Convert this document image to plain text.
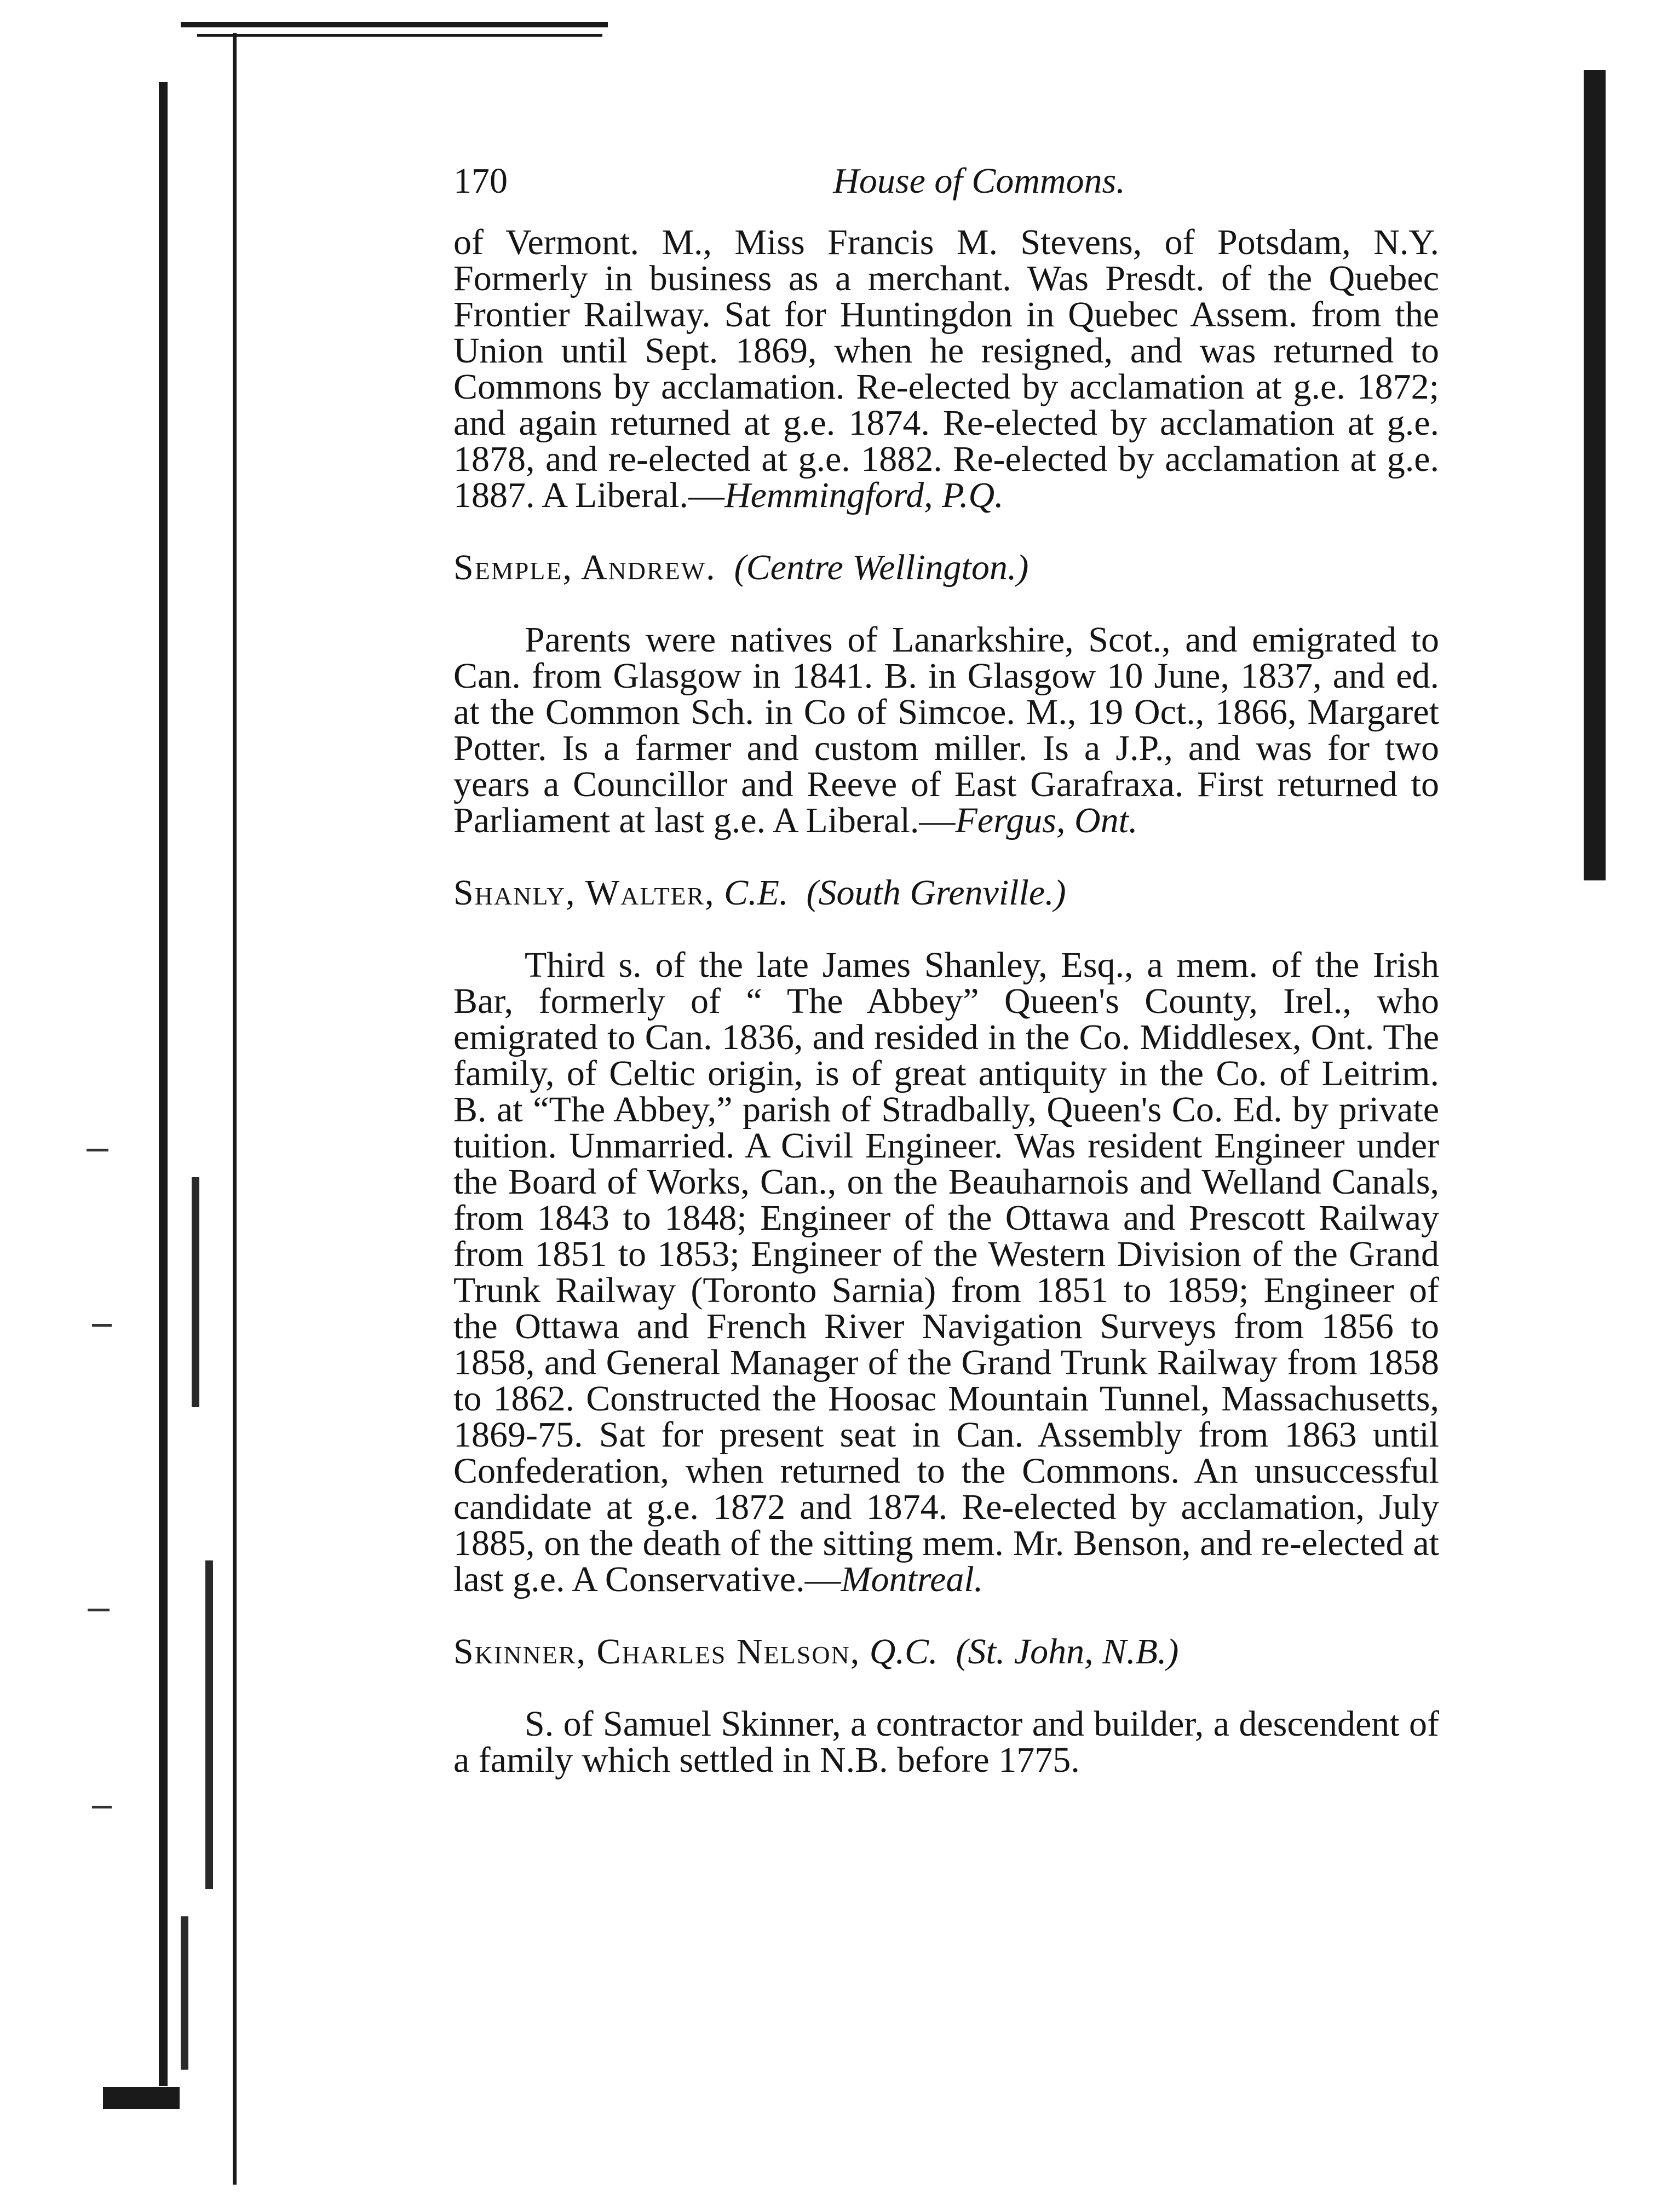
170	House of Commons.

of Vermont. M., Miss Francis M. Stevens, of Potsdam, N.Y. Formerly in business as a merchant. Was Presdt. of the Quebec Frontier Railway. Sat for Huntingdon in Quebec Assem. from the Union until Sept. 1869, when he resigned, and was returned to Commons by acclamation. Re-elected by acclamation at g.e. 1872; and again returned at g.e. 1874. Re-elected by acclamation at g.e. 1878, and re-elected at g.e. 1882. Re-elected by acclamation at g.e. 1887. A Liberal.—Hemmingford, P.Q.

Semple, Andrew. (Centre Wellington.)

Parents were natives of Lanarkshire, Scot., and emigrated to Can. from Glasgow in 1841. B. in Glasgow 10 June, 1837, and ed. at the Common Sch. in Co of Simcoe. M., 19 Oct., 1866, Margaret Potter. Is a farmer and custom miller. Is a J.P., and was for two years a Councillor and Reeve of East Garafraxa. First returned to Parliament at last g.e. A Liberal.—Fergus, Ont.

Shanly, Walter, C.E. (South Grenville.)

Third s. of the late James Shanley, Esq., a mem. of the Irish Bar, formerly of “ The Abbey” Queen's County, Irel., who emigrated to Can. 1836, and resided in the Co. Middlesex, Ont. The family, of Celtic origin, is of great antiquity in the Co. of Leitrim. B. at “The Abbey,” parish of Stradbally, Queen's Co. Ed. by private tuition. Unmarried. A Civil Engineer. Was resident Engineer under the Board of Works, Can., on the Beauharnois and Welland Canals, from 1843 to 1848; Engineer of the Ottawa and Prescott Railway from 1851 to 1853; Engineer of the Western Division of the Grand Trunk Railway (Toronto Sarnia) from 1851 to 1859; Engineer of the Ottawa and French River Navigation Surveys from 1856 to 1858, and General Manager of the Grand Trunk Railway from 1858 to 1862. Constructed the Hoosac Mountain Tunnel, Massachusetts, 1869-75. Sat for present seat in Can. Assembly from 1863 until Confederation, when returned to the Commons. An unsuccessful candidate at g.e. 1872 and 1874. Re-elected by acclamation, July 1885, on the death of the sitting mem. Mr. Benson, and re-elected at last g.e. A Conservative.—Montreal.

Skinner, Charles Nelson, Q.C. (St. John, N.B.)

S. of Samuel Skinner, a contractor and builder, a descendent of a family which settled in N.B. before 1775.
